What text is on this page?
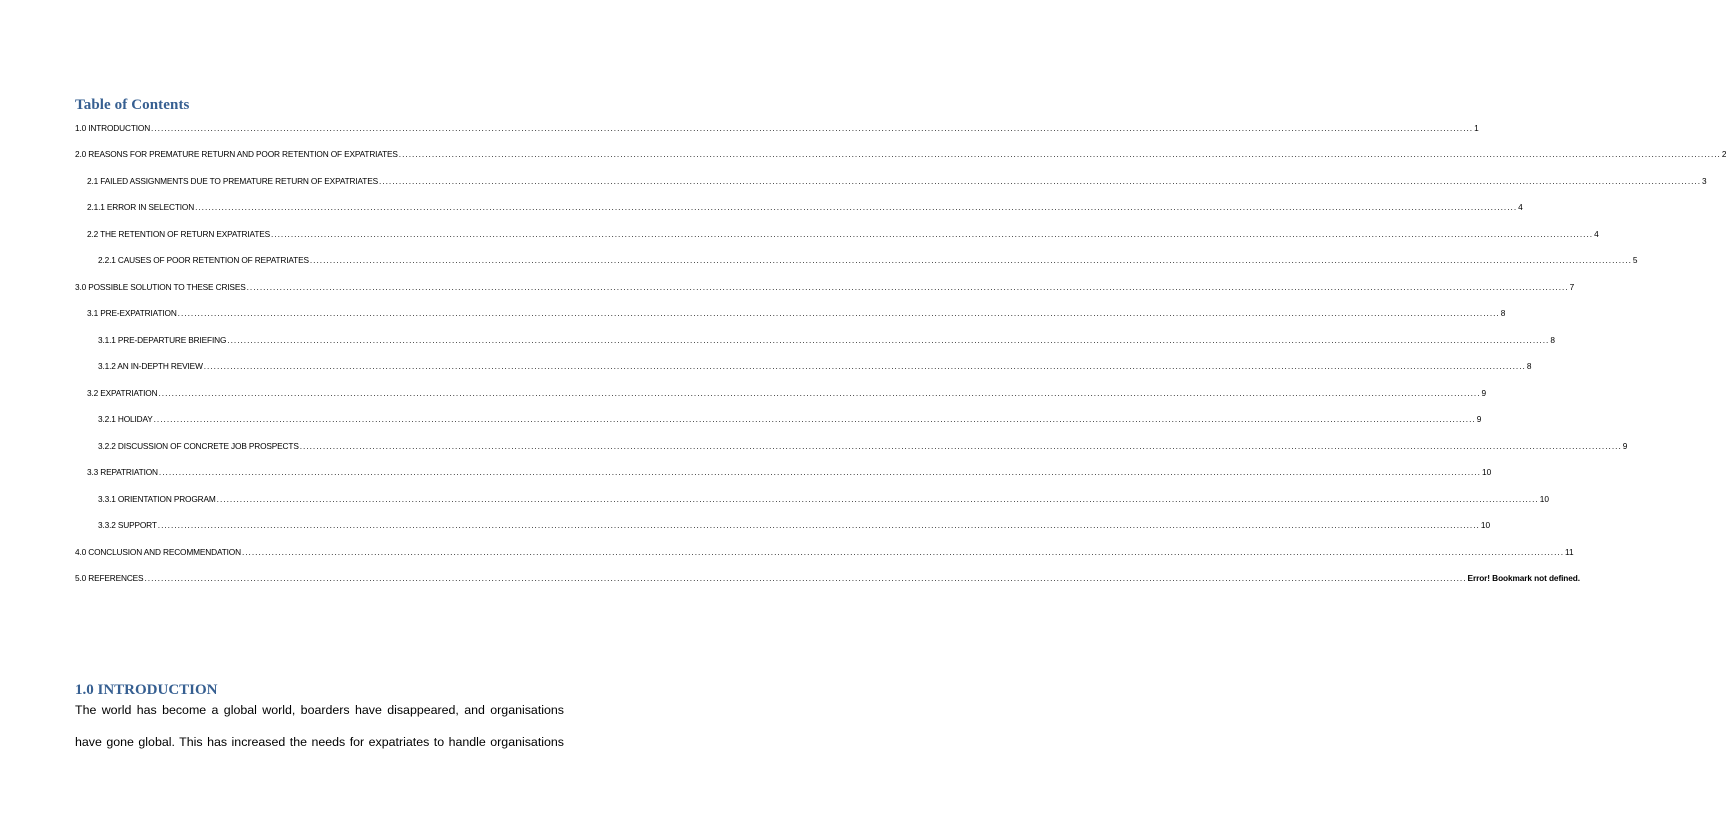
Table of Contents
1.0 INTRODUCTION ................................................................................................................................................................................................................................................................................................................................................................................................................ 1
2.0 REASONS FOR PREMATURE RETURN AND POOR RETENTION OF EXPATRIATES ................................................................................................................................................................................................................................................................................................................................................................................................................ 2
2.1 FAILED ASSIGNMENTS DUE TO PREMATURE RETURN OF EXPATRIATES ................................................................................................................................................................................................................................................................................................................................................................................................................ 3
2.1.1 ERROR IN SELECTION ................................................................................................................................................................................................................................................................................................................................................................................................................ 4
2.2 THE RETENTION OF RETURN EXPATRIATES ................................................................................................................................................................................................................................................................................................................................................................................................................ 4
2.2.1 CAUSES OF POOR RETENTION OF REPATRIATES ................................................................................................................................................................................................................................................................................................................................................................................................................ 5
3.0 POSSIBLE SOLUTION TO THESE CRISES ................................................................................................................................................................................................................................................................................................................................................................................................................ 7
3.1 PRE-EXPATRIATION ................................................................................................................................................................................................................................................................................................................................................................................................................ 8
3.1.1 PRE-DEPARTURE BRIEFING ................................................................................................................................................................................................................................................................................................................................................................................................................ 8
3.1.2 AN IN-DEPTH REVIEW ................................................................................................................................................................................................................................................................................................................................................................................................................ 8
3.2 EXPATRIATION ................................................................................................................................................................................................................................................................................................................................................................................................................ 9
3.2.1 HOLIDAY ................................................................................................................................................................................................................................................................................................................................................................................................................ 9
3.2.2 DISCUSSION OF CONCRETE JOB PROSPECTS ................................................................................................................................................................................................................................................................................................................................................................................................................ 9
3.3 REPATRIATION ................................................................................................................................................................................................................................................................................................................................................................................................................ 10
3.3.1 ORIENTATION PROGRAM ................................................................................................................................................................................................................................................................................................................................................................................................................ 10
3.3.2 SUPPORT ................................................................................................................................................................................................................................................................................................................................................................................................................ 10
4.0 CONCLUSION AND RECOMMENDATION ................................................................................................................................................................................................................................................................................................................................................................................................................ 11
5.0 REFERENCES ................................................................................................................................................................................................................................................................................................................................................................................................................ Error! Bookmark not defined.
1.0 INTRODUCTION
The world has become a global world, boarders have disappeared, and organisations
have gone global. This has increased the needs for expatriates to handle organisations
